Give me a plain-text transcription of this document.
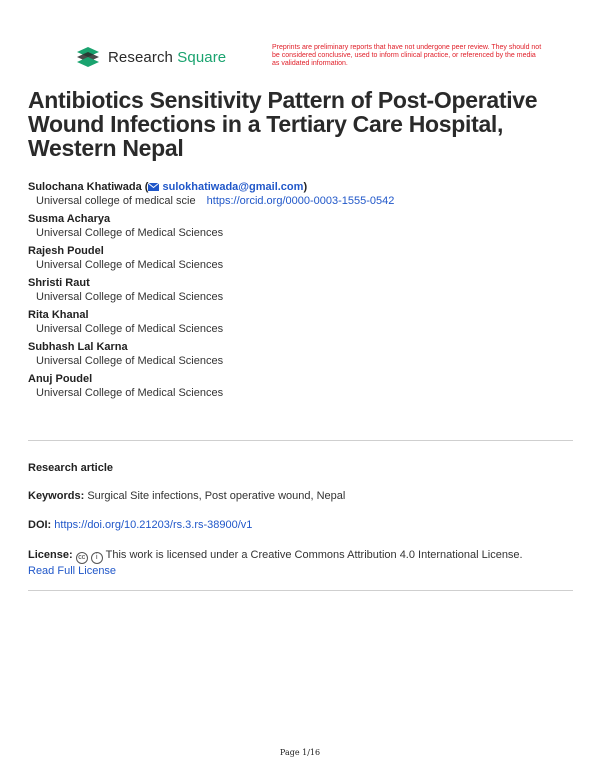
Research Square
Preprints are preliminary reports that have not undergone peer review. They should not be considered conclusive, used to inform clinical practice, or referenced by the media as validated information.
Antibiotics Sensitivity Pattern of Post-Operative Wound Infections in a Tertiary Care Hospital, Western Nepal
Sulochana Khatiwada ( sulokhatiwada@gmail.com)
Universal college of medical scie https://orcid.org/0000-0003-1555-0542
Susma Acharya
Universal College of Medical Sciences
Rajesh Poudel
Universal College of Medical Sciences
Shristi Raut
Universal College of Medical Sciences
Rita Khanal
Universal College of Medical Sciences
Subhash Lal Karna
Universal College of Medical Sciences
Anuj Poudel
Universal College of Medical Sciences
Research article
Keywords: Surgical Site infections, Post operative wound, Nepal
DOI: https://doi.org/10.21203/rs.3.rs-38900/v1
License: cc i This work is licensed under a Creative Commons Attribution 4.0 International License.
Read Full License
Page 1/16
